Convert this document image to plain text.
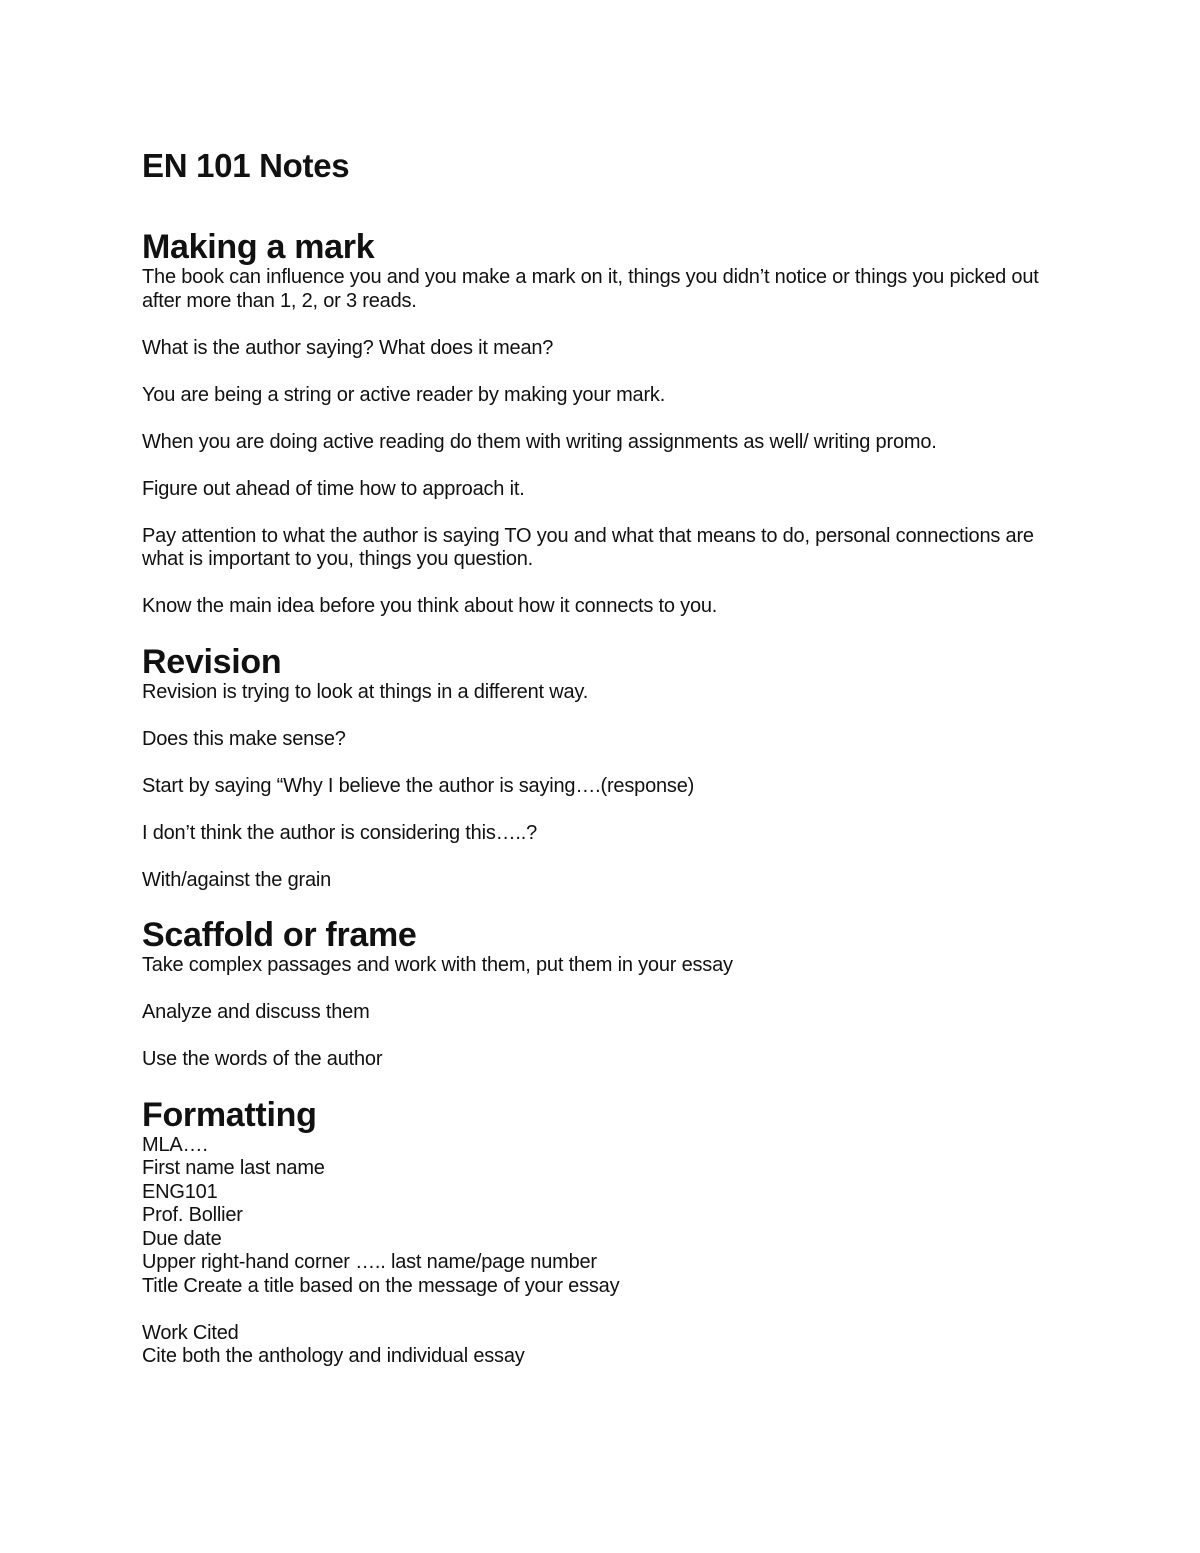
EN 101 Notes
Making a mark

The book can influence you and you make a mark on it, things you didn’t notice or things you picked out after more than 1, 2, or 3 reads.

What is the author saying? What does it mean?

You are being a string or active reader by making your mark.

When you are doing active reading do them with writing assignments as well/ writing promo.

Figure out ahead of time how to approach it.

Pay attention to what the author is saying TO you and what that means to do, personal connections are what is important to you, things you question.

Know the main idea before you think about how it connects to you.

Revision

Revision is trying to look at things in a different way.

Does this make sense?

Start by saying “Why I believe the author is saying….(response)

I don’t think the author is considering this…..?

With/against the grain

Scaffold or frame

Take complex passages and work with them, put them in your essay

Analyze and discuss them

Use the words of the author

Formatting
MLA….
First name last name
ENG101
Prof. Bollier
Due date
Upper right-hand corner ….. last name/page number
Title Create a title based on the message of your essay
Work Cited
Cite both the anthology and individual essay
